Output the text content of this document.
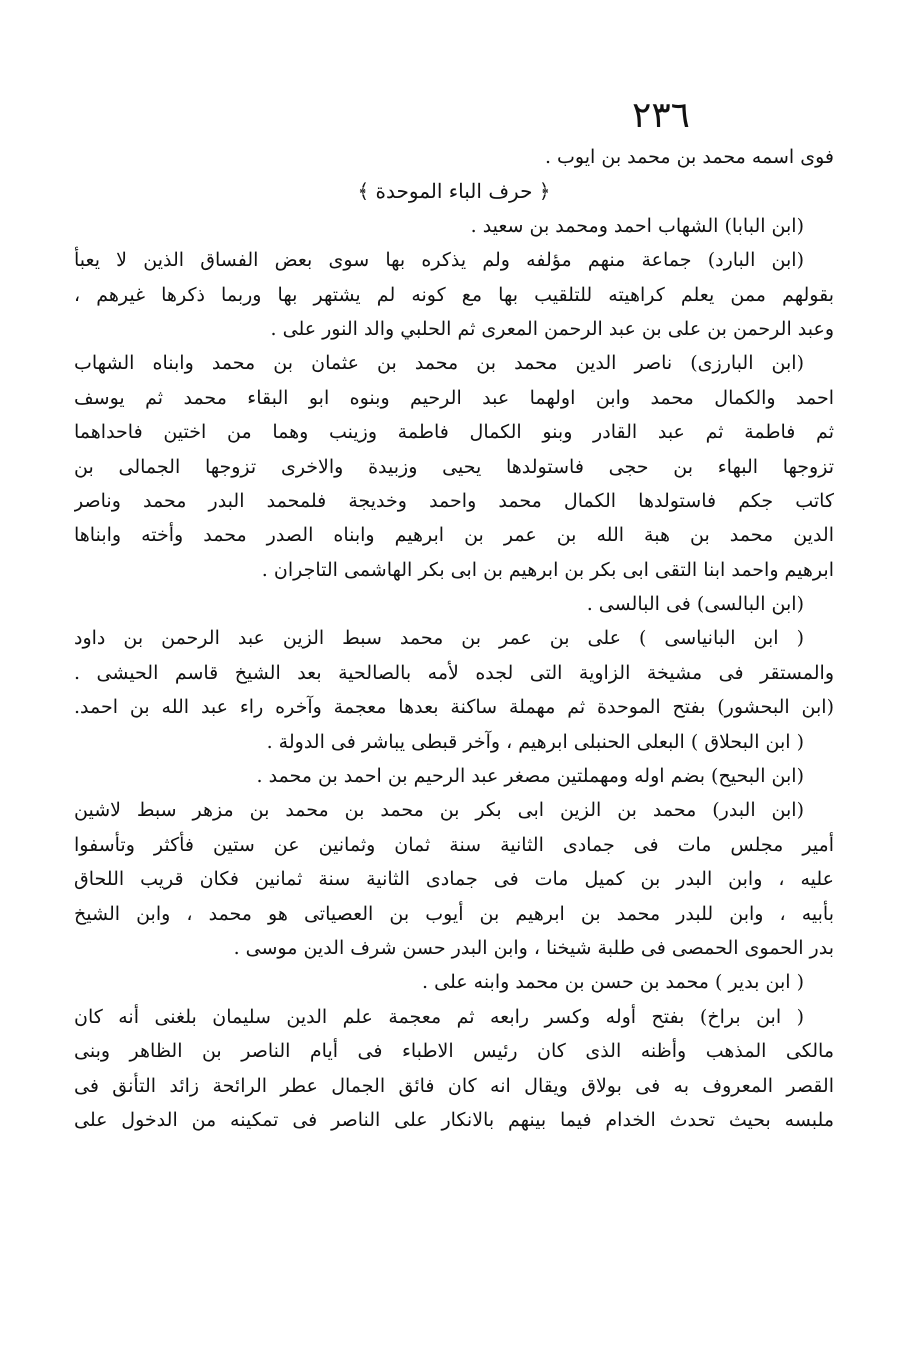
٢٣٦
فوى اسمه محمد بن محمد بن ايوب .
﴿ حرف الباء الموحدة ﴾
(ابن البابا) الشهاب احمد ومحمد بن سعيد .
(ابن البارد) جماعة منهم مؤلفه ولم يذكره بها سوى بعض الفساق الذين لا يعبأ
بقولهم ممن يعلم كراهيته للتلقيب بها مع كونه لم يشتهر بها وربما ذكرها غيرهم ،
وعبد الرحمن بن على بن عبد الرحمن المعرى ثم الحلبي والد النور على .
(ابن البارزى) ناصر الدين محمد بن محمد بن عثمان بن محمد وابناه الشهاب
احمد والكمال محمد وابن اولهما عبد الرحيم وبنوه ابو البقاء محمد ثم يوسف
ثم فاطمة ثم عبد القادر وبنو الكمال فاطمة وزينب وهما من اختين فاحداهما
تزوجها البهاء بن حجى فاستولدها يحيى وزبيدة والاخرى تزوجها الجمالى بن
كاتب جكم فاستولدها الكمال محمد واحمد وخديجة فلمحمد البدر محمد وناصر
الدين محمد بن هبة الله بن عمر بن ابرهيم وابناه الصدر محمد وأخته وابناها
ابرهيم واحمد ابنا التقى ابى بكر بن ابرهيم بن ابى بكر الهاشمى التاجران .
(ابن البالسى) فى البالسى .
( ابن البانياسى ) على بن عمر بن محمد سبط الزين عبد الرحمن بن داود
والمستقر فى مشيخة الزاوية التى لجده لأمه بالصالحية بعد الشيخ قاسم الحيشى .
(ابن البحشور) بفتح الموحدة ثم مهملة ساكنة بعدها معجمة وآخره راء عبد الله بن احمد.
( ابن البحلاق ) البعلى الحنبلى ابرهيم ، وآخر قبطى يباشر فى الدولة .
(ابن البحيح) بضم اوله ومهملتين مصغر عبد الرحيم بن احمد بن محمد .
(ابن البدر) محمد بن الزين ابى بكر بن محمد بن محمد بن مزهر سبط لاشين
أمير مجلس مات فى جمادى الثانية سنة ثمان وثمانين عن ستين فأكثر وتأسفوا
عليه ، وابن البدر بن كميل مات فى جمادى الثانية سنة ثمانين فكان قريب اللحاق
بأبيه ، وابن للبدر محمد بن ابرهيم بن أيوب بن العصياتى هو محمد ، وابن الشيخ
بدر الحموى الحمصى فى طلبة شيخنا ، وابن البدر حسن شرف الدين موسى .
( ابن بدير ) محمد بن حسن بن محمد وابنه على .
( ابن براخ) بفتح أوله وكسر رابعه ثم معجمة علم الدين سليمان بلغنى أنه كان
مالكى المذهب وأظنه الذى كان رئيس الاطباء فى أيام الناصر بن الظاهر وبنى
القصر المعروف به فى بولاق ويقال انه كان فائق الجمال عطر الرائحة زائد التأنق فى
ملبسه بحيث تحدث الخدام فيما بينهم بالانكار على الناصر فى تمكينه من الدخول على
